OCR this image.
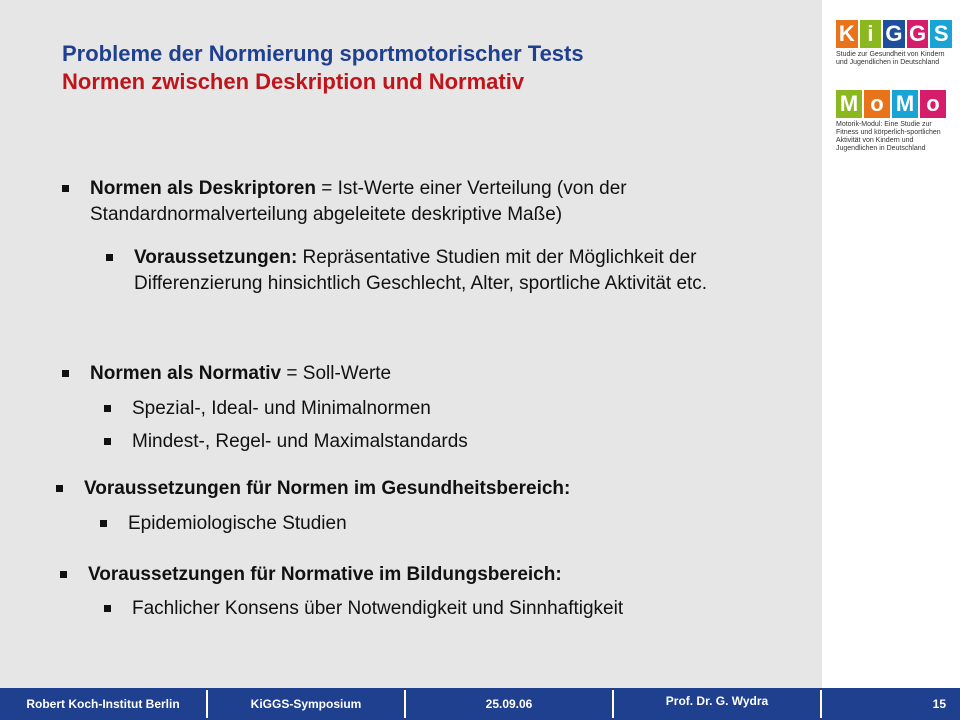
Probleme der Normierung sportmotorischer Tests
Normen zwischen Deskription und Normativ
Normen als Deskriptoren = Ist-Werte einer Verteilung (von der Standardnormalverteilung abgeleitete deskriptive Maße)
Voraussetzungen: Repräsentative Studien mit der Möglichkeit der Differenzierung hinsichtlich Geschlecht, Alter, sportliche Aktivität etc.
Normen als Normativ = Soll-Werte
Spezial-, Ideal- und Minimalnormen
Mindest-, Regel- und Maximalstandards
Voraussetzungen für Normen im Gesundheitsbereich:
Epidemiologische Studien
Voraussetzungen für Normative im Bildungsbereich:
Fachlicher Konsens über Notwendigkeit und Sinnhaftigkeit
K i G G S
Studie zur Gesundheit von Kindern und Jugendlichen in Deutschland
M o M o
Motorik-Modul: Eine Studie zur Fitness und körperlich-sportlichen Aktivität von Kindern und Jugendlichen in Deutschland
Robert Koch-Institut Berlin	KiGGS-Symposium	25.09.06	Prof. Dr. G. Wydra	15
